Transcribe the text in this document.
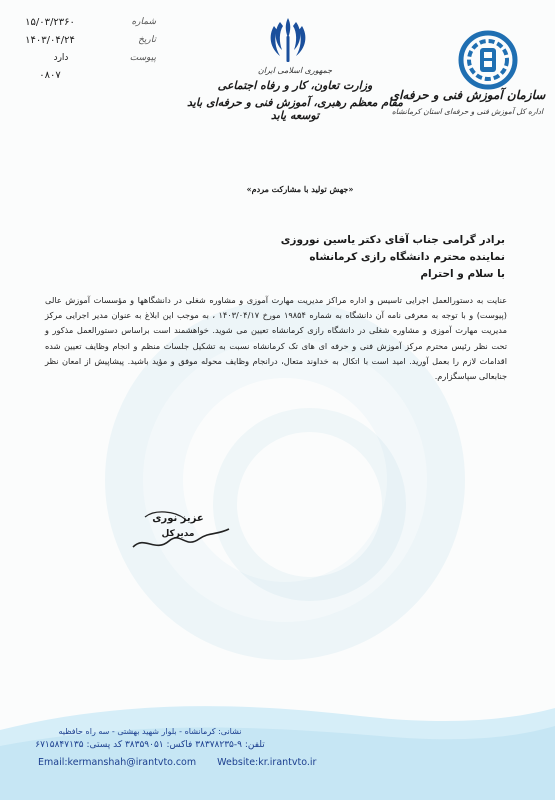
شماره
۱۵/۰۳/۲۳۶۰
تاریخ
۱۴۰۳/۰۴/۲۴
پیوست
دارد
۰۸۰۷	جمهوری اسلامی ایران
وزارت تعاون، کار و رفاه اجتماعی
مقام معظم رهبری، آموزش فنی و حرفه‌ای باید توسعه یابد
سازمان آموزش فنی و حرفه‌ای
اداره کل آموزش فنی و حرفه‌ای استان کرمانشاه
«جهش تولید با مشارکت مردم»
برادر گرامی جناب آقای دکتر یاسین نوروزی
نماینده محترم دانشگاه رازی کرمانشاه
با سلام و احترام
عنایت به دستورالعمل اجرایی تاسیس و اداره مراکز مدیریت مهارت آموزی و مشاوره شغلی در دانشگاهها و مؤسسات آموزش عالی (پیوست) و با توجه به معرفی نامه آن دانشگاه به شماره ۱۹۸۵۴ مورخ ۱۴۰۳/۰۴/۱۷ ، به موجب این ابلاغ به عنوان مدیر اجرایی مرکز مدیریت مهارت آموزی و مشاوره شغلی در دانشگاه رازی کرمانشاه تعیین می شوید. خواهشمند است براساس دستورالعمل مذکور و تحت نظر رئیس محترم مرکز آموزش فنی و حرفه ای های تک کرمانشاه نسبت به تشکیل جلسات منظم و انجام وظایف تعیین شده اقدامات لازم را بعمل آورید. امید است با اتکال به خداوند متعال، درانجام وظایف محوله موفق و مؤید باشید. پیشاپیش از امعان نظر جنابعالی سپاسگزارم.
عزیز نوری
مدیرکل
نشانی: کرمانشاه - بلوار شهید بهشتی - سه راه حافظیه
تلفن: ۹-۳۸۳۷۸۲۳۵ فاکس: ۳۸۳۵۹۰۵۱ کد پستی: ۶۷۱۵۸۴۷۱۳۵
Email:kermanshah@irantvto.com Website:kr.irantvto.ir
